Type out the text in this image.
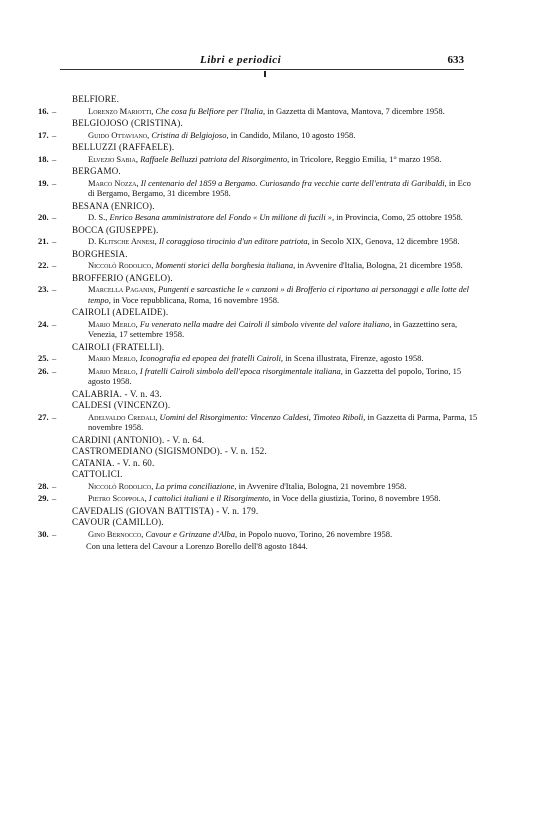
Libri e periodici	633
BELFIORE.
16. –	Lorenzo Mariotti, Che cosa fu Belfiore per l'Italia, in Gazzetta di Mantova, Mantova, 7 dicembre 1958.
BELGIOJOSO (CRISTINA).
17. –	Guido Ottaviano, Cristina di Belgiojoso, in Candido, Milano, 10 agosto 1958.
BELLUZZI (RAFFAELE).
18. –	Elvezio Sabia, Raffaele Belluzzi patriota del Risorgimento, in Tricolore, Reggio Emilia, 1° marzo 1958.
BERGAMO.
19. –	Marco Nozza, Il centenario del 1859 a Bergamo. Curiosando fra vecchie carte dell'entrata di Garibaldi, in Eco di Bergamo, Bergamo, 31 dicembre 1958.
BESANA (ENRICO).
20. –	D. S., Enrico Besana amministratore del Fondo « Un milione di fucili », in Provincia, Como, 25 ottobre 1958.
BOCCA (GIUSEPPE).
21. –	D. Klitsche Annesi, Il coraggioso tirocinio d'un editore patriota, in Secolo XIX, Genova, 12 dicembre 1958.
BORGHESIA.
22. –	Niccolò Rodolico, Momenti storici della borghesia italiana, in Avvenire d'Italia, Bologna, 21 dicembre 1958.
BROFFERIO (ANGELO).
23. –	Marcella Paganin, Pungenti e sarcastiche le « canzoni » di Brofferio ci riportano ai personaggi e alle lotte del tempo, in Voce repubblicana, Roma, 16 novembre 1958.
CAIROLI (ADELAIDE).
24. –	Mario Merlo, Fu venerato nella madre dei Cairoli il simbolo vivente del valore italiano, in Gazzettino sera, Venezia, 17 settembre 1958.
CAIROLI (FRATELLI).
25. –	Mario Merlo, Iconografia ed epopea dei fratelli Cairoli, in Scena illustrata, Firenze, agosto 1958.
26. –	Mario Merlo, I fratelli Cairoli simbolo dell'epoca risorgimentale italiana, in Gazzetta del popolo, Torino, 15 agosto 1958.
CALABRIA. - V. n. 43.
CALDESI (VINCENZO).
27. –	Adelvaldo Credali, Uomini del Risorgimento: Vincenzo Caldesi, Timoteo Riboli, in Gazzetta di Parma, Parma, 15 novembre 1958.
CARDINI (ANTONIO). - V. n. 64.
CASTROMEDIANO (SIGISMONDO). - V. n. 152.
CATANIA. - V. n. 60.
CATTOLICI.
28. –	Niccolò Rodolico, La prima conciliazione, in Avvenire d'Italia, Bologna, 21 novembre 1958.
29. –	Pietro Scoppola, I cattolici italiani e il Risorgimento, in Voce della giustizia, Torino, 8 novembre 1958.
CAVEDALIS (GIOVAN BATTISTA) - V. n. 179.
CAVOUR (CAMILLO).
30. –	Gino Bernocco, Cavour e Grinzane d'Alba, in Popolo nuovo, Torino, 26 novembre 1958.
Con una lettera del Cavour a Lorenzo Borello dell'8 agosto 1844.
